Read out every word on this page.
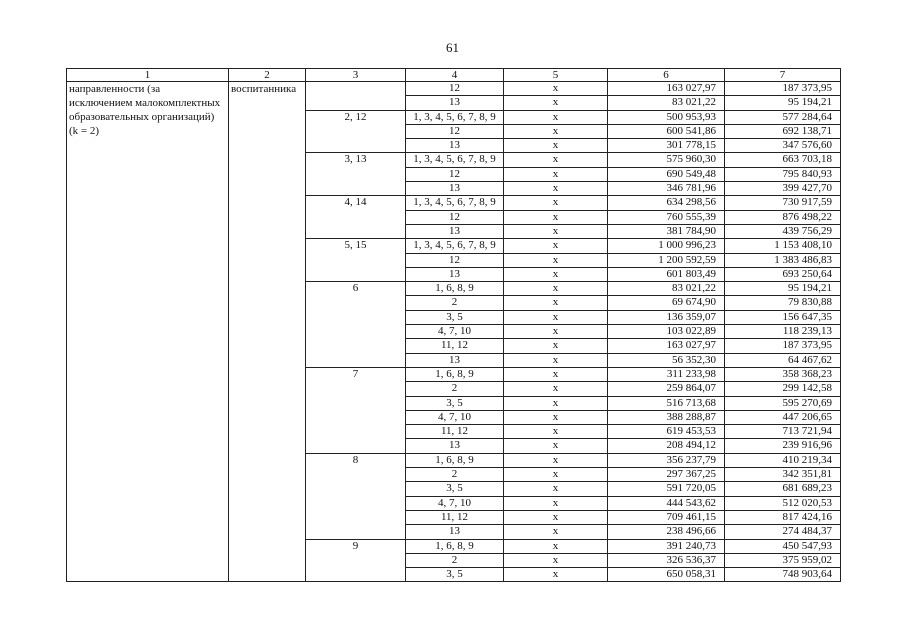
61
1	2	3	4	5	6	7
направленности (за исключением малокомплектных образовательных организаций) (k = 2)	воспитанника		12	x	163 027,97	187 373,95
			13	x	83 021,22	95 194,21
		2, 12	1, 3, 4, 5, 6, 7, 8, 9	x	500 953,93	577 284,64
			12	x	600 541,86	692 138,71
			13	x	301 778,15	347 576,60
		3, 13	1, 3, 4, 5, 6, 7, 8, 9	x	575 960,30	663 703,18
			12	x	690 549,48	795 840,93
			13	x	346 781,96	399 427,70
		4, 14	1, 3, 4, 5, 6, 7, 8, 9	x	634 298,56	730 917,59
			12	x	760 555,39	876 498,22
			13	x	381 784,90	439 756,29
		5, 15	1, 3, 4, 5, 6, 7, 8, 9	x	1 000 996,23	1 153 408,10
			12	x	1 200 592,59	1 383 486,83
			13	x	601 803,49	693 250,64
		6	1, 6, 8, 9	x	83 021,22	95 194,21
			2	x	69 674,90	79 830,88
			3, 5	x	136 359,07	156 647,35
			4, 7, 10	x	103 022,89	118 239,13
			11, 12	x	163 027,97	187 373,95
			13	x	56 352,30	64 467,62
		7	1, 6, 8, 9	x	311 233,98	358 368,23
			2	x	259 864,07	299 142,58
			3, 5	x	516 713,68	595 270,69
			4, 7, 10	x	388 288,87	447 206,65
			11, 12	x	619 453,53	713 721,94
			13	x	208 494,12	239 916,96
		8	1, 6, 8, 9	x	356 237,79	410 219,34
			2	x	297 367,25	342 351,81
			3, 5	x	591 720,05	681 689,23
			4, 7, 10	x	444 543,62	512 020,53
			11, 12	x	709 461,15	817 424,16
			13	x	238 496,66	274 484,37
		9	1, 6, 8, 9	x	391 240,73	450 547,93
			2	x	326 536,37	375 959,02
			3, 5	x	650 058,31	748 903,64
